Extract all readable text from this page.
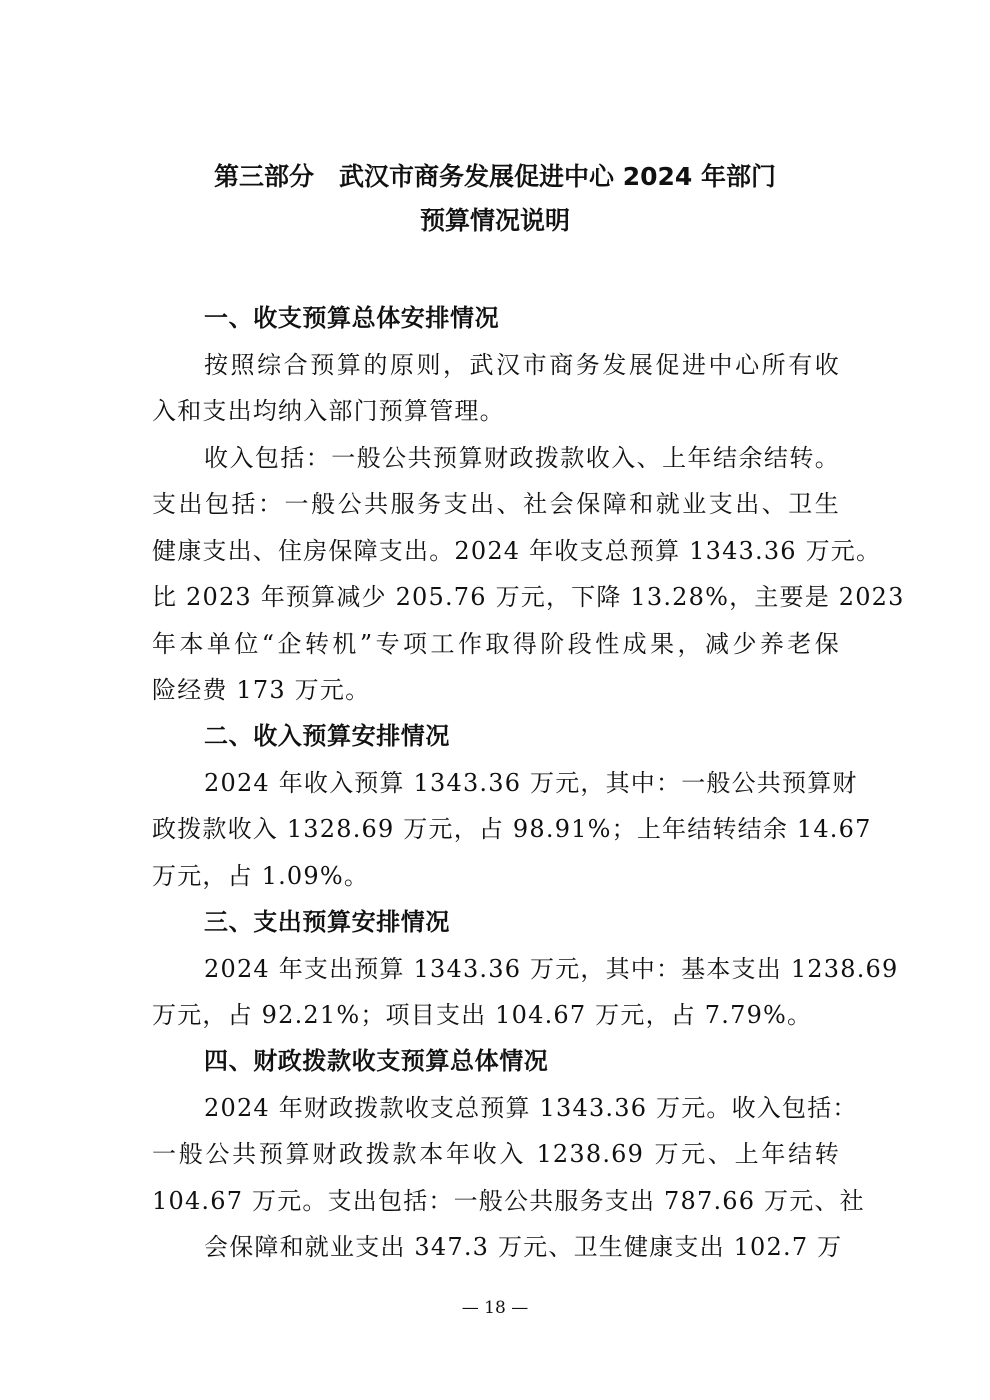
第三部分　武汉市商务发展促进中心 2024 年部门
预算情况说明

一、收支预算总体安排情况

按照综合预算的原则，武汉市商务发展促进中心所有收

入和支出均纳入部门预算管理。

收入包括：一般公共预算财政拨款收入、上年结余结转。

支出包括：一般公共服务支出、社会保障和就业支出、卫生

健康支出、住房保障支出。2024 年收支总预算 1343.36 万元。

比 2023 年预算减少 205.76 万元，下降 13.28%，主要是 2023

年本单位“企转机”专项工作取得阶段性成果，减少养老保

险经费 173 万元。

二、收入预算安排情况

2024 年收入预算 1343.36 万元，其中：一般公共预算财

政拨款收入 1328.69 万元，占 98.91%；上年结转结余 14.67

万元，占 1.09%。

三、支出预算安排情况

2024 年支出预算 1343.36 万元，其中：基本支出 1238.69

万元，占 92.21%；项目支出 104.67 万元，占 7.79%。

四、财政拨款收支预算总体情况

2024 年财政拨款收支总预算 1343.36 万元。收入包括：

一般公共预算财政拨款本年收入 1238.69 万元、上年结转

104.67 万元。支出包括：一般公共服务支出 787.66 万元、社

会保障和就业支出 347.3 万元、卫生健康支出 102.7 万

— 18 —
